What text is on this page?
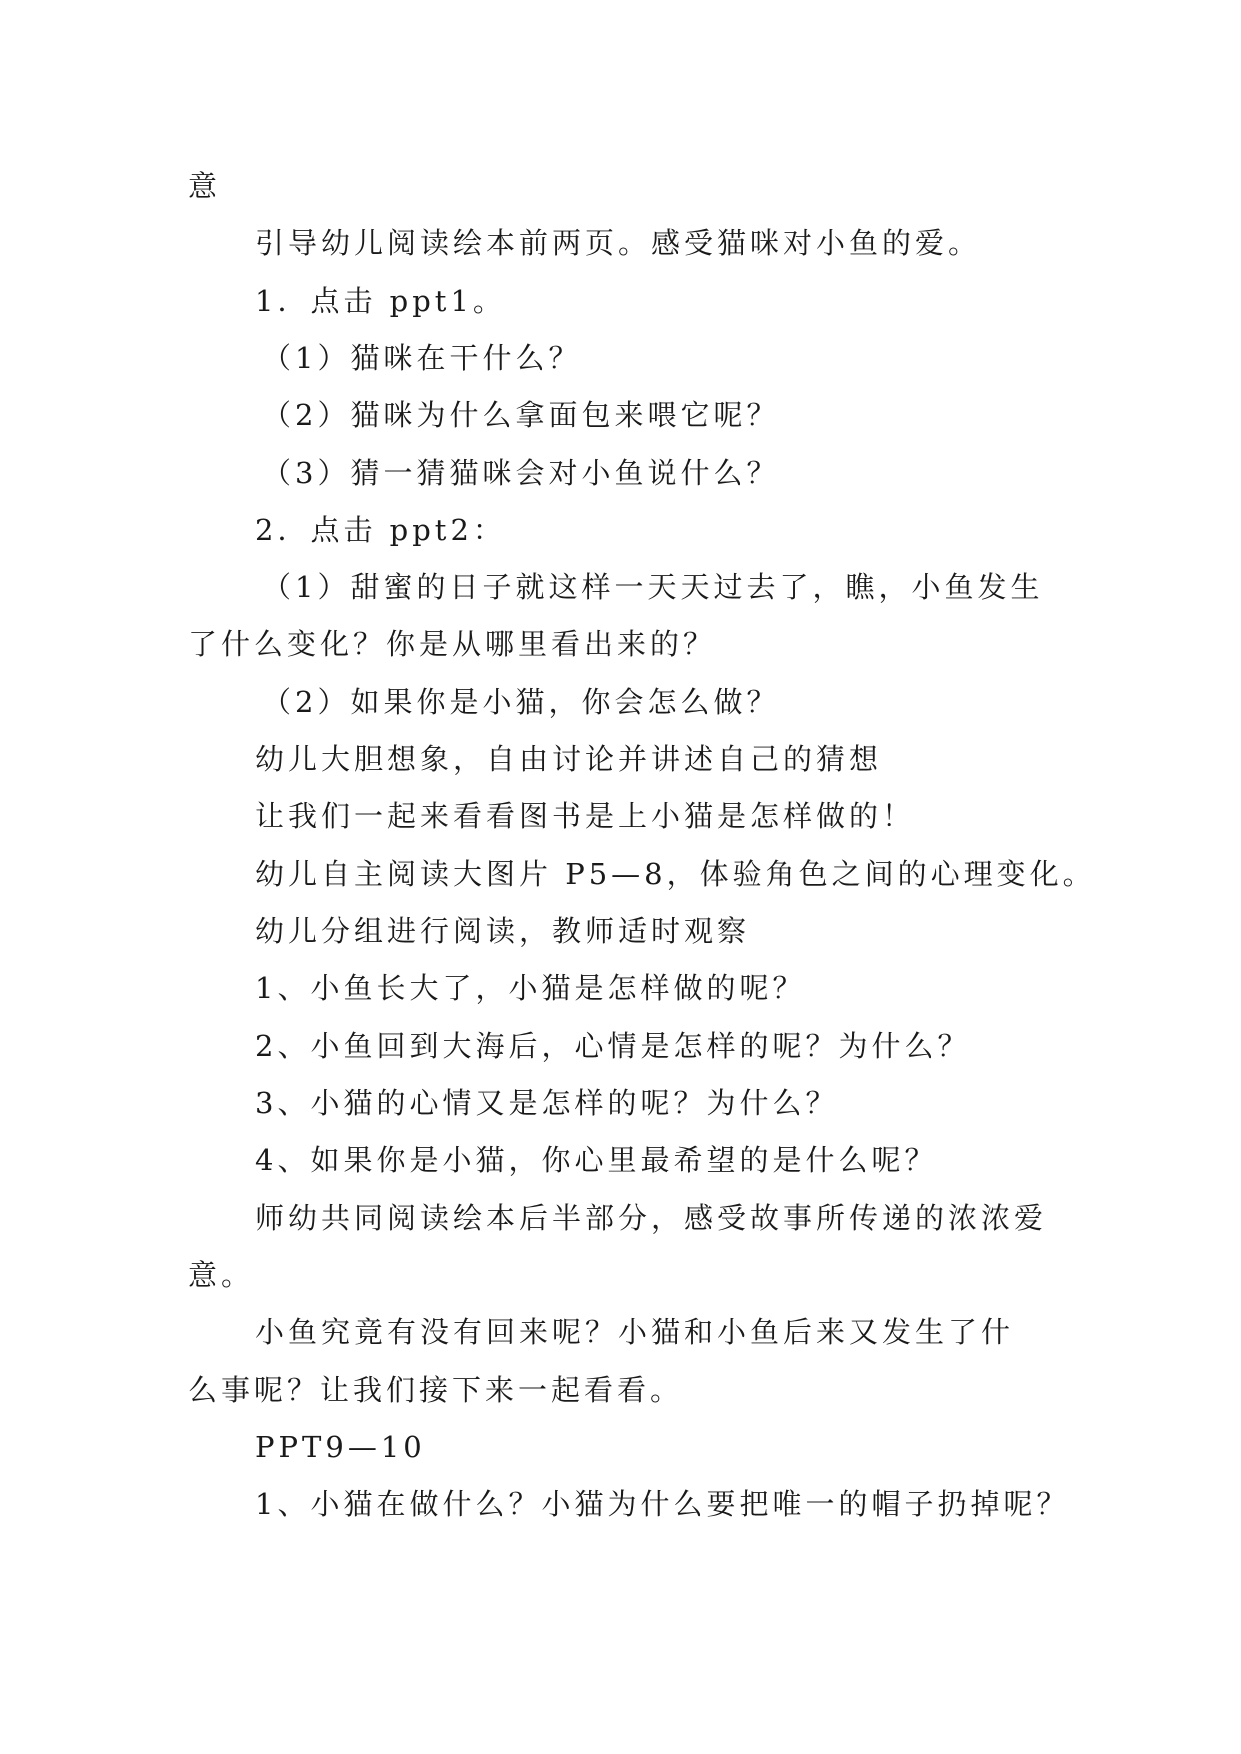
意
引导幼儿阅读绘本前两页。感受猫咪对小鱼的爱。
1．点击 ppt1。
（1）猫咪在干什么？
（2）猫咪为什么拿面包来喂它呢？
（3）猜一猜猫咪会对小鱼说什么？
2．点击 ppt2：
（1）甜蜜的日子就这样一天天过去了，瞧，小鱼发生
了什么变化？你是从哪里看出来的？
（2）如果你是小猫，你会怎么做？
幼儿大胆想象，自由讨论并讲述自己的猜想
让我们一起来看看图书是上小猫是怎样做的！
幼儿自主阅读大图片 P5—8，体验角色之间的心理变化。
幼儿分组进行阅读，教师适时观察
1、小鱼长大了，小猫是怎样做的呢？
2、小鱼回到大海后，心情是怎样的呢？为什么？
3、小猫的心情又是怎样的呢？为什么？
4、如果你是小猫，你心里最希望的是什么呢？
师幼共同阅读绘本后半部分，感受故事所传递的浓浓爱
意。
小鱼究竟有没有回来呢？小猫和小鱼后来又发生了什
么事呢？让我们接下来一起看看。
PPT9—10
1、小猫在做什么？小猫为什么要把唯一的帽子扔掉呢？
